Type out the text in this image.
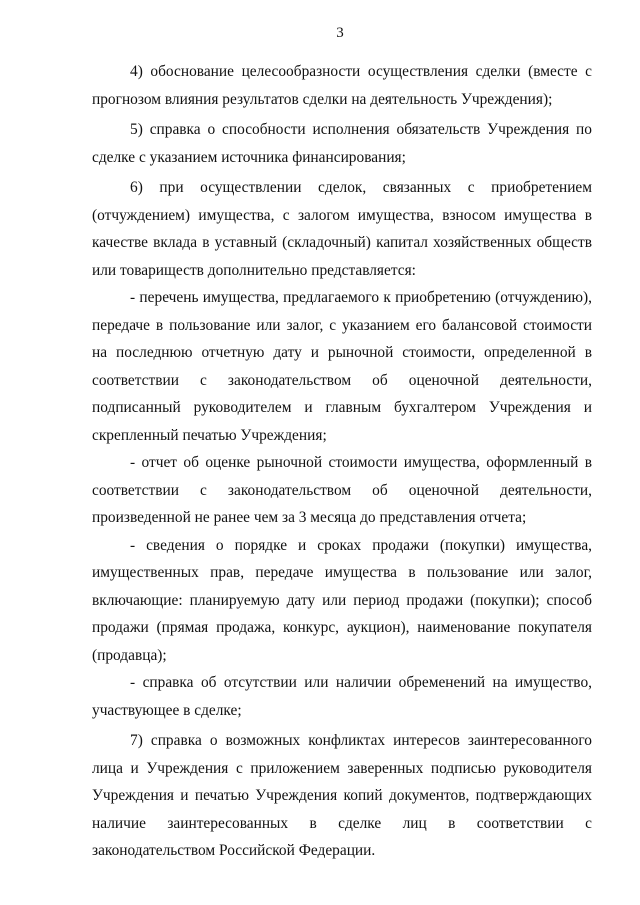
3

4) обоснование целесообразности осуществления сделки (вместе с прогнозом влияния результатов сделки на деятельность Учреждения);

5) справка о способности исполнения обязательств Учреждения по сделке с указанием источника финансирования;

6) при осуществлении сделок, связанных с приобретением (отчуждением) имущества, с залогом имущества, взносом имущества в качестве вклада в уставный (складочный) капитал хозяйственных обществ или товариществ дополнительно представляется:

- перечень имущества, предлагаемого к приобретению (отчуждению), передаче в пользование или залог, с указанием его балансовой стоимости на последнюю отчетную дату и рыночной стоимости, определенной в соответствии с законодательством об оценочной деятельности, подписанный руководителем и главным бухгалтером Учреждения и скрепленный печатью Учреждения;

- отчет об оценке рыночной стоимости имущества, оформленный в соответствии с законодательством об оценочной деятельности, произведенной не ранее чем за 3 месяца до представления отчета;

- сведения о порядке и сроках продажи (покупки) имущества, имущественных прав, передаче имущества в пользование или залог, включающие: планируемую дату или период продажи (покупки); способ продажи (прямая продажа, конкурс, аукцион), наименование покупателя (продавца);

- справка об отсутствии или наличии обременений на имущество, участвующее в сделке;

7) справка о возможных конфликтах интересов заинтересованного лица и Учреждения с приложением заверенных подписью руководителя Учреждения и печатью Учреждения копий документов, подтверждающих наличие заинтересованных в сделке лиц в соответствии с законодательством Российской Федерации.
